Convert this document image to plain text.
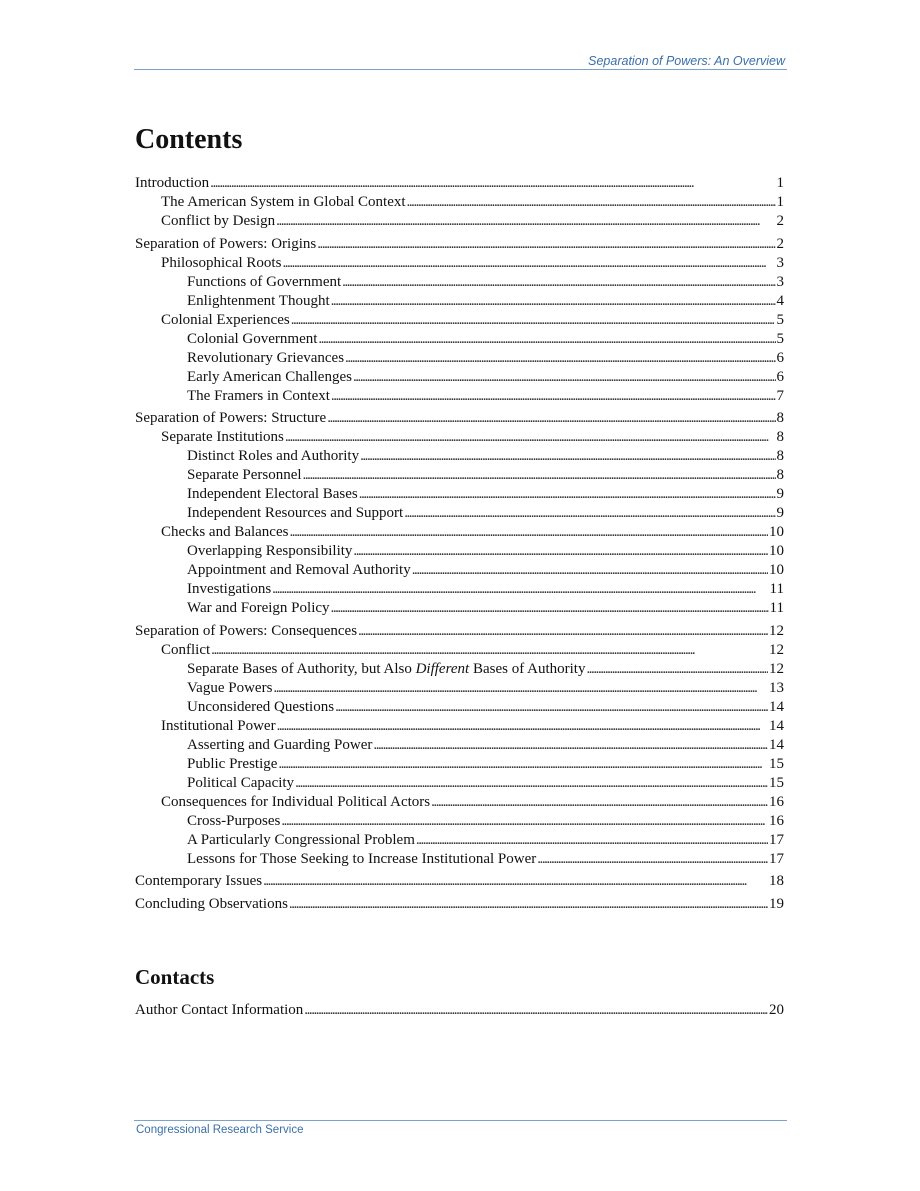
Separation of Powers: An Overview
Contents
Introduction . . .	1
The American System in Global Context . . .	1
Conflict by Design . . .	2
Separation of Powers: Origins . . .	2
Philosophical Roots . . .	3
Functions of Government . . .	3
Enlightenment Thought . . .	4
Colonial Experiences . . .	5
Colonial Government . . .	5
Revolutionary Grievances . . .	6
Early American Challenges . . .	6
The Framers in Context . . .	7
Separation of Powers: Structure . . .	8
Separate Institutions . . .	8
Distinct Roles and Authority . . .	8
Separate Personnel . . .	8
Independent Electoral Bases . . .	9
Independent Resources and Support . . .	9
Checks and Balances . . .	10
Overlapping Responsibility . . .	10
Appointment and Removal Authority . . .	10
Investigations . . .	11
War and Foreign Policy . . .	11
Separation of Powers: Consequences . . .	12
Conflict . . .	12
Separate Bases of Authority, but Also Different Bases of Authority . . .	12
Vague Powers . . .	13
Unconsidered Questions . . .	14
Institutional Power . . .	14
Asserting and Guarding Power . . .	14
Public Prestige . . .	15
Political Capacity . . .	15
Consequences for Individual Political Actors . . .	16
Cross-Purposes . . .	16
A Particularly Congressional Problem . . .	17
Lessons for Those Seeking to Increase Institutional Power . . .	17
Contemporary Issues . . .	18
Concluding Observations . . .	19
Contacts
Author Contact Information . . .	20
Congressional Research Service
